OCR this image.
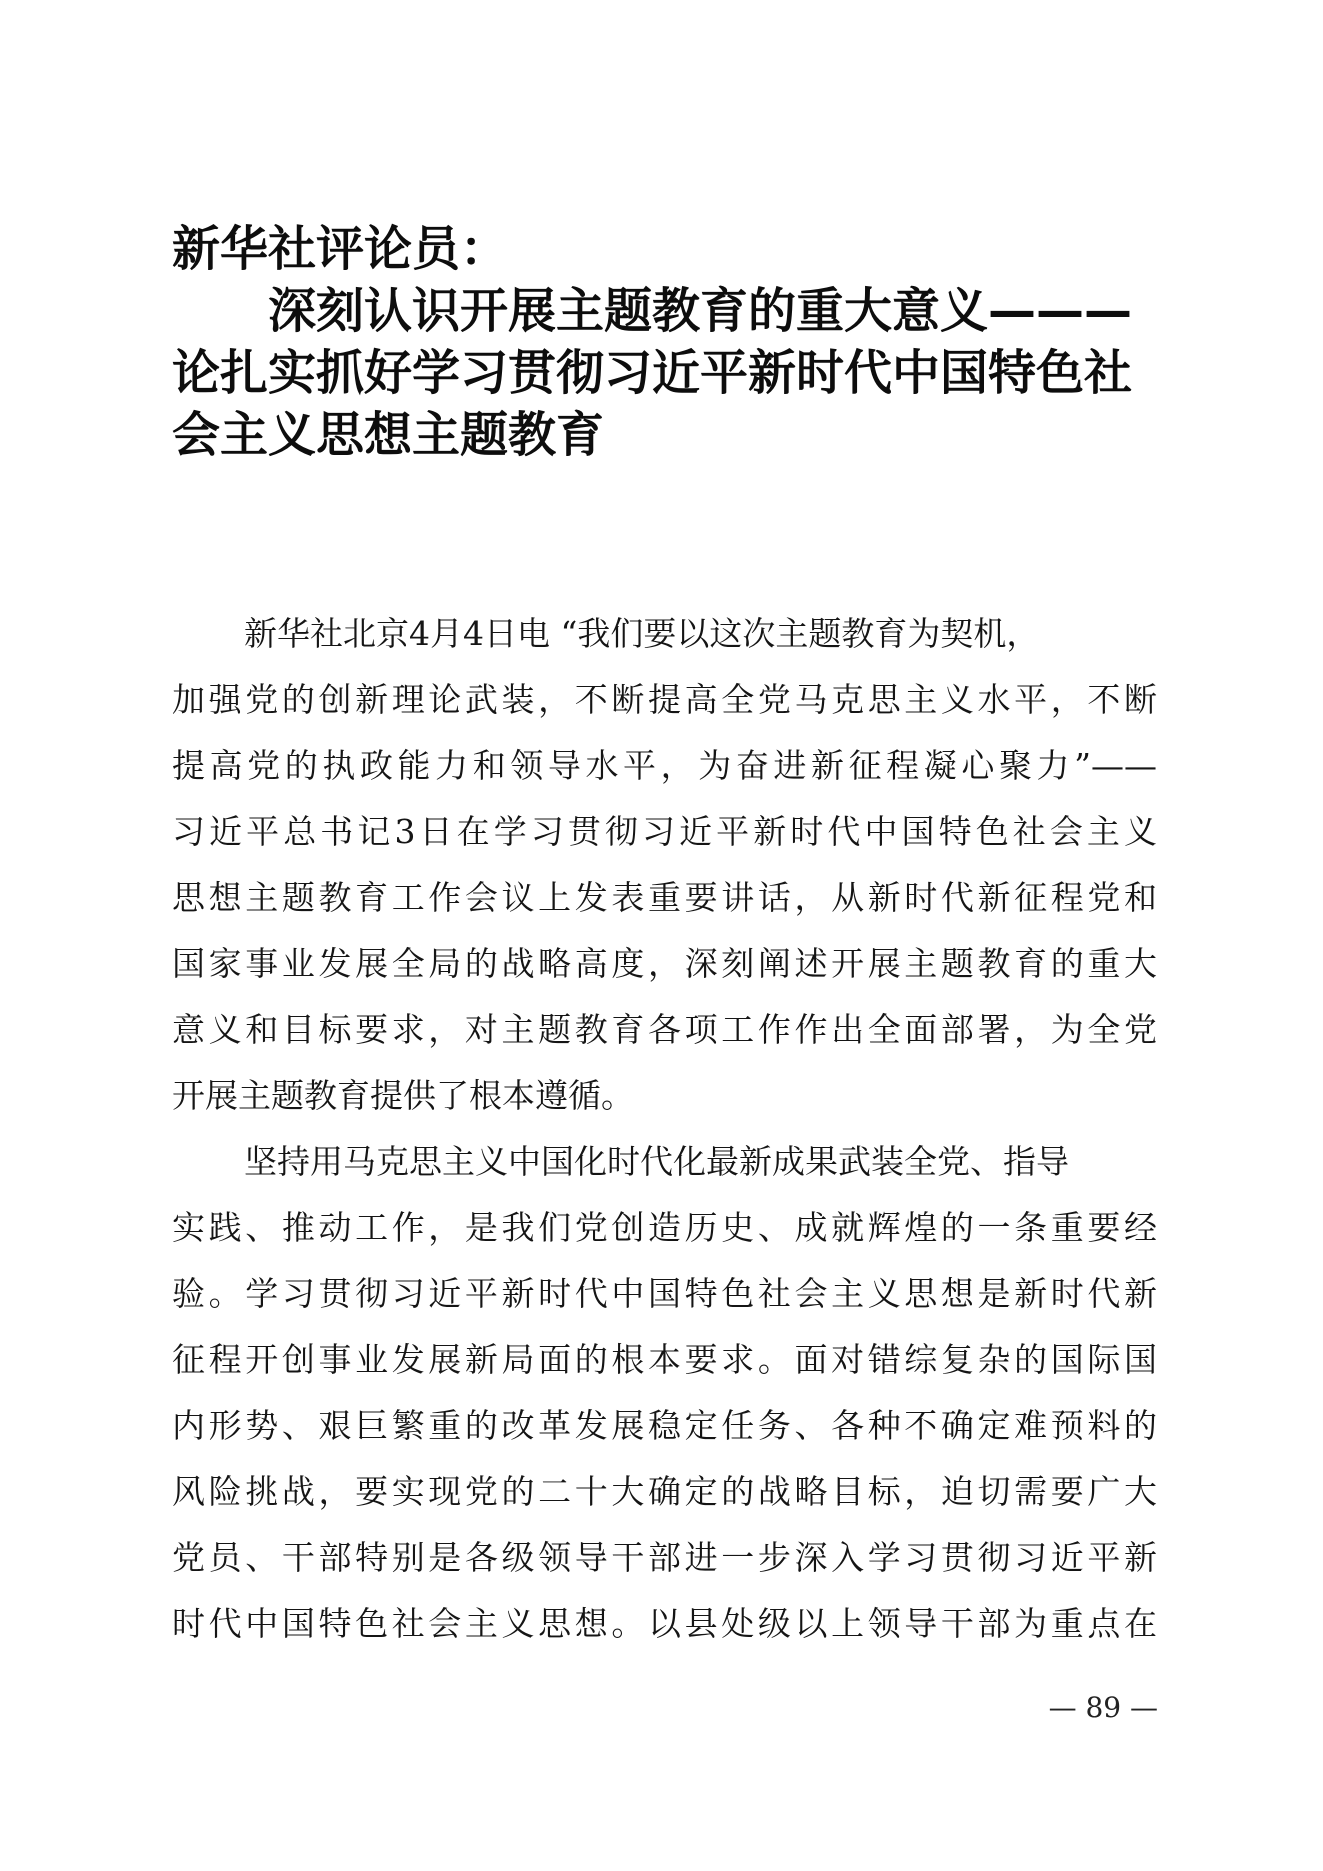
新华社评论员：
深刻认识开展主题教育的重大意义———
论扎实抓好学习贯彻习近平新时代中国特色社
会主义思想主题教育
新华社北京4月4日电 “我们要以这次主题教育为契机，
加强党的创新理论武装，不断提高全党马克思主义水平，不断
提高党的执政能力和领导水平，为奋进新征程凝心聚力”——
习近平总书记3日在学习贯彻习近平新时代中国特色社会主义
思想主题教育工作会议上发表重要讲话，从新时代新征程党和
国家事业发展全局的战略高度，深刻阐述开展主题教育的重大
意义和目标要求，对主题教育各项工作作出全面部署，为全党
开展主题教育提供了根本遵循。
坚持用马克思主义中国化时代化最新成果武装全党、指导
实践、推动工作，是我们党创造历史、成就辉煌的一条重要经
验。学习贯彻习近平新时代中国特色社会主义思想是新时代新
征程开创事业发展新局面的根本要求。面对错综复杂的国际国
内形势、艰巨繁重的改革发展稳定任务、各种不确定难预料的
风险挑战，要实现党的二十大确定的战略目标，迫切需要广大
党员、干部特别是各级领导干部进一步深入学习贯彻习近平新
时代中国特色社会主义思想。以县处级以上领导干部为重点在
— 89 —
